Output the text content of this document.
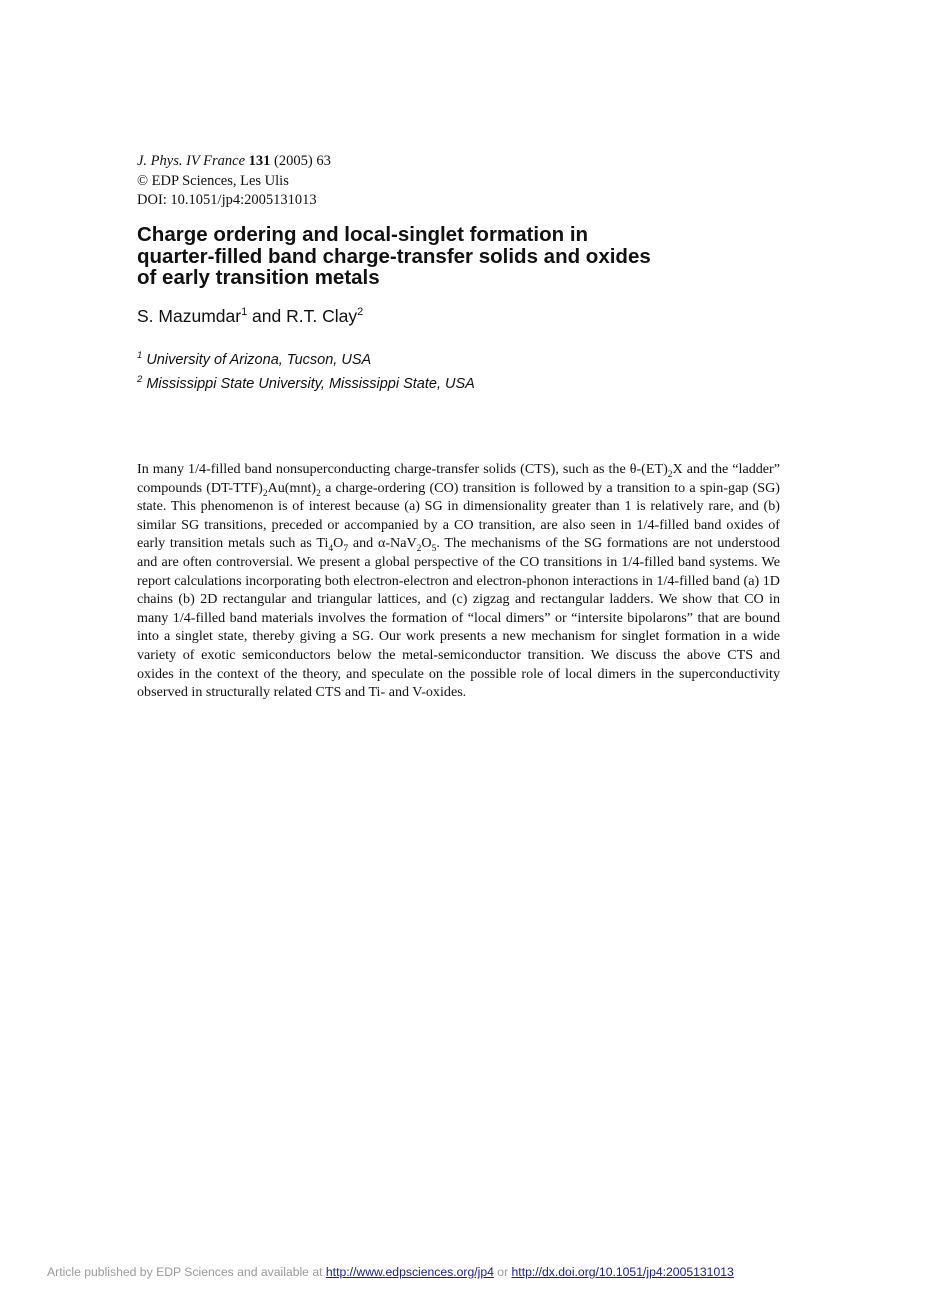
J. Phys. IV France 131 (2005) 63
© EDP Sciences, Les Ulis
DOI: 10.1051/jp4:2005131013
Charge ordering and local-singlet formation in quarter-filled band charge-transfer solids and oxides of early transition metals
S. Mazumdar$^1$ and R.T. Clay$^2$
$^1$ University of Arizona, Tucson, USA
$^2$ Mississippi State University, Mississippi State, USA

In many 1/4-filled band nonsuperconducting charge-transfer solids (CTS), such as the $\theta-(ET)_2X$ and the “ladder” compounds $(DT-TTF)_2Au(mnt)_2$ a charge-ordering (CO) transition is followed by a transition to a spin-gap (SG) state. This phenomenon is of interest because (a) SG in dimensionality greater than 1 is relatively rare, and (b) similar SG transitions, preceded or accompanied by a CO transition, are also seen in 1/4-filled band oxides of early transition metals such as $Ti_4O_7$ and $\alpha-NaV_2O_5$. The mechanisms of the SG formations are not understood and are often controversial. We present a global perspective of the CO transitions in 1/4-filled band systems. We report calculations incorporating both electron-electron and electron-phonon interactions in 1/4-filled band (a) 1D chains (b) 2D rectangular and triangular lattices, and (c) zigzag and rectangular ladders. We show that CO in many 1/4-filled band materials involves the formation of “local dimers” or “intersite bipolarons” that are bound into a singlet state, thereby giving a SG. Our work presents a new mechanism for singlet formation in a wide variety of exotic semiconductors below the metal-semiconductor transition. We discuss the above CTS and oxides in the context of the theory, and speculate on the possible role of local dimers in the superconductivity observed in structurally related CTS and Ti- and V-oxides.

Article published by EDP Sciences and available at http://www.edpsciences.org/jp4 or http://dx.doi.org/10.1051/jp4:2005131013
